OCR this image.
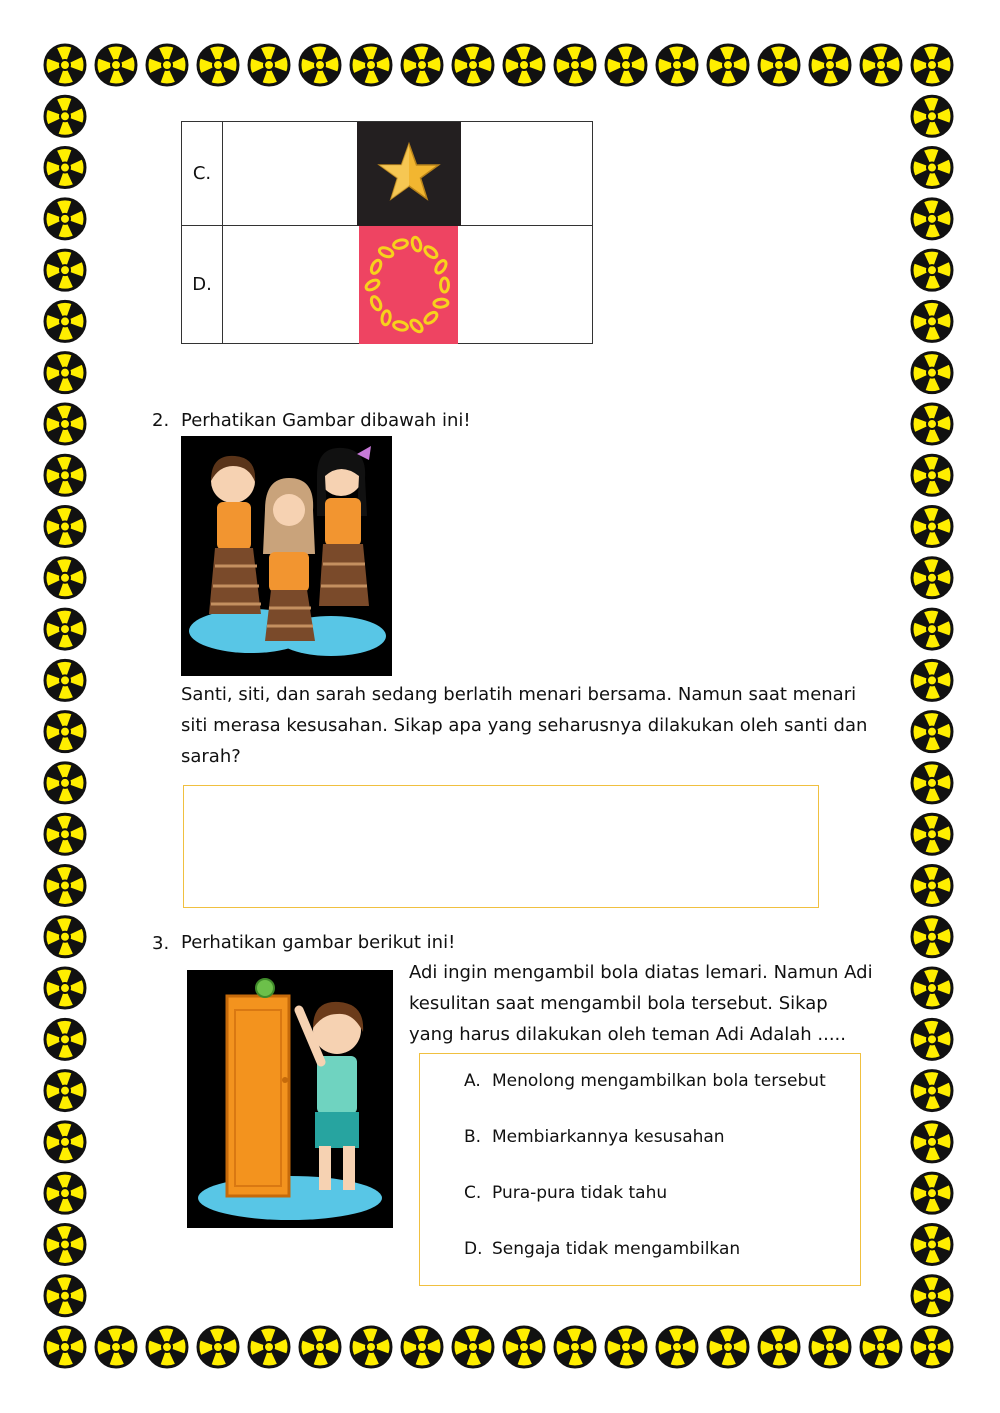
C.	

D.	
2. Perhatikan Gambar dibawah ini!
Santi, siti, dan sarah sedang berlatih menari bersama. Namun saat menari
siti merasa kesusahan. Sikap apa yang seharusnya dilakukan oleh santi dan
sarah?
3. Perhatikan gambar berikut ini!
Adi ingin mengambil bola diatas lemari. Namun Adi
kesulitan saat mengambil bola tersebut. Sikap
yang harus dilakukan oleh teman Adi Adalah .....
A. Menolong mengambilkan bola tersebut
B. Membiarkannya kesusahan
C. Pura-pura tidak tahu
D. Sengaja tidak mengambilkan
